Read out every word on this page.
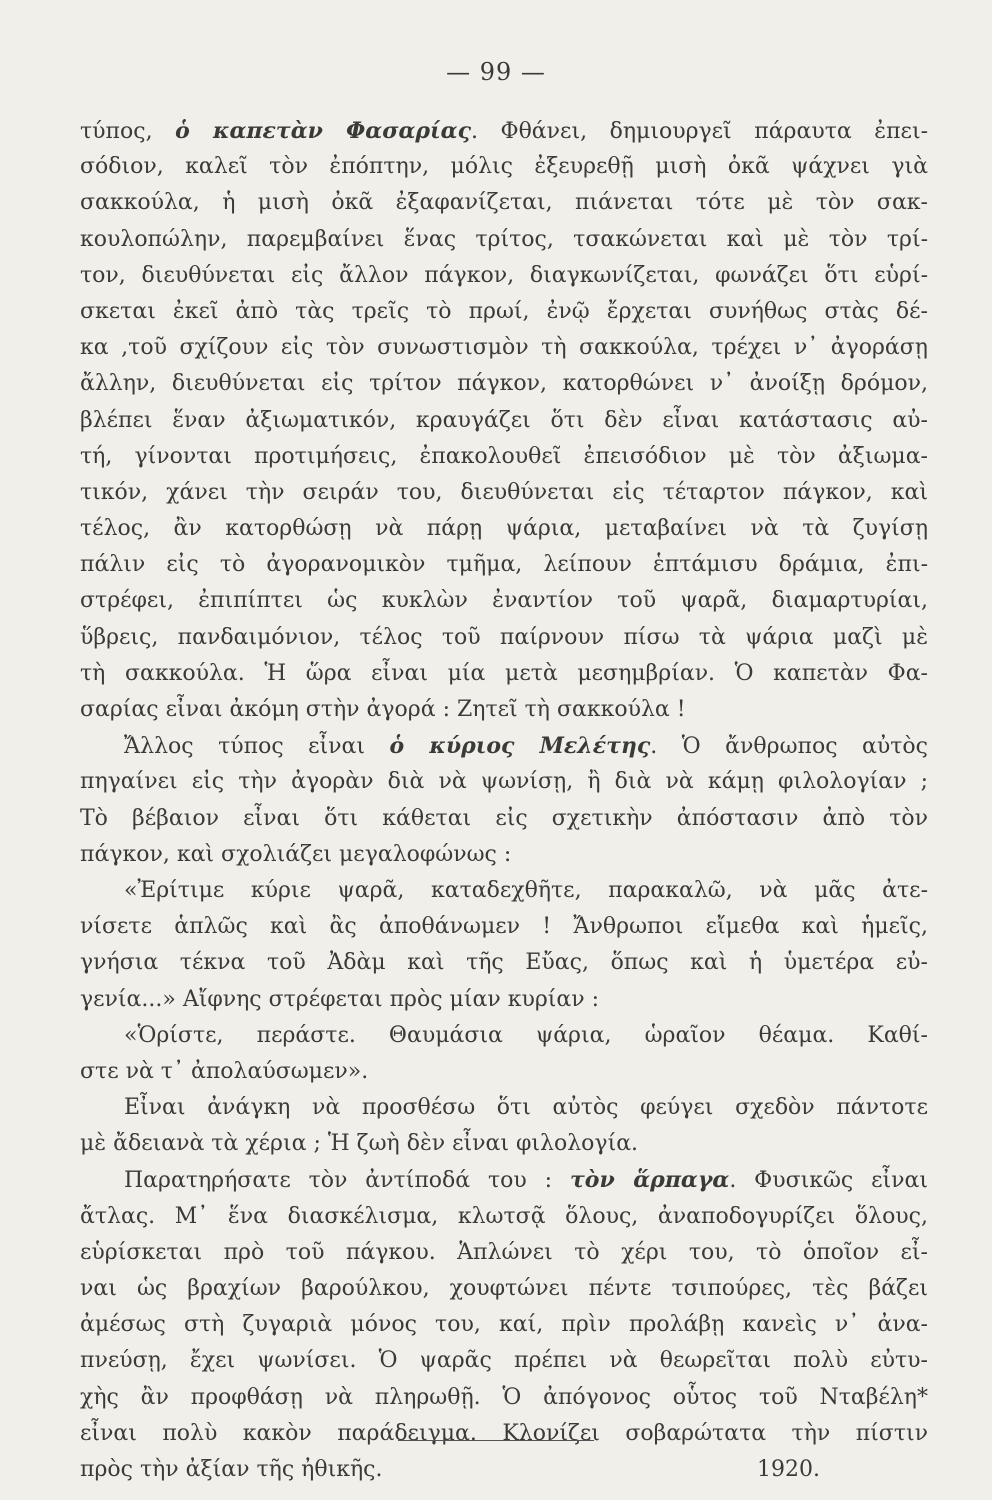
— 99 —
τύπος, ὁ καπετὰν Φασαρίας. Φθάνει, δημιουργεῖ πάραυτα ἐπει-
σόδιον, καλεῖ τὸν ἐπόπτην, μόλις ἐξευρεθῇ μισὴ ὀκᾶ ψάχνει γιὰ
σακκούλα, ἡ μισὴ ὀκᾶ ἐξαφανίζεται, πιάνεται τότε μὲ τὸν σακ-
κουλοπώλην, παρεμβαίνει ἕνας τρίτος, τσακώνεται καὶ μὲ τὸν τρί-
τον, διευθύνεται εἰς ἄλλον πάγκον, διαγκωνίζεται, φωνάζει ὅτι εὑρί-
σκεται ἐκεῖ ἀπὸ τὰς τρεῖς τὸ πρωί, ἐνῷ ἔρχεται συνήθως στὰς δέ-
κα ,τοῦ σχίζουν εἰς τὸν συνωστισμὸν τὴ σακκούλα, τρέχει ν᾽ ἀγοράσῃ
ἄλλην, διευθύνεται εἰς τρίτον πάγκον, κατορθώνει ν᾽ ἀνοίξῃ δρόμον,
βλέπει ἕναν ἀξιωματικόν, κραυγάζει ὅτι δὲν εἶναι κατάστασις αὐ-
τή, γίνονται προτιμήσεις, ἐπακολουθεῖ ἐπεισόδιον μὲ τὸν ἀξιωμα-
τικόν, χάνει τὴν σειράν του, διευθύνεται εἰς τέταρτον πάγκον, καὶ
τέλος, ἂν κατορθώσῃ νὰ πάρῃ ψάρια, μεταβαίνει νὰ τὰ ζυγίσῃ
πάλιν εἰς τὸ ἀγορανομικὸν τμῆμα, λείπουν ἑπτάμισυ δράμια, ἐπι-
στρέφει, ἐπιπίπτει ὡς κυκλὼν ἐναντίον τοῦ ψαρᾶ, διαμαρτυρίαι,
ὕβρεις, πανδαιμόνιον, τέλος τοῦ παίρνουν πίσω τὰ ψάρια μαζὶ μὲ
τὴ σακκούλα. Ἡ ὥρα εἶναι μία μετὰ μεσημβρίαν. Ὁ καπετὰν Φα-
σαρίας εἶναι ἀκόμη στὴν ἀγορά : Ζητεῖ τὴ σακκούλα !
Ἄλλος τύπος εἶναι ὁ κύριος Μελέτης. Ὁ ἄνθρωπος αὐτὸς
πηγαίνει εἰς τὴν ἀγορὰν διὰ νὰ ψωνίσῃ, ἢ διὰ νὰ κάμῃ φιλολογίαν ;
Τὸ βέβαιον εἶναι ὅτι κάθεται εἰς σχετικὴν ἀπόστασιν ἀπὸ τὸν
πάγκον, καὶ σχολιάζει μεγαλοφώνως :
«Ἐρίτιμε κύριε ψαρᾶ, καταδεχθῆτε, παρακαλῶ, νὰ μᾶς ἀτε-
νίσετε ἁπλῶς καὶ ἂς ἀποθάνωμεν ! Ἄνθρωποι εἴμεθα καὶ ἡμεῖς,
γνήσια τέκνα τοῦ Ἀδὰμ καὶ τῆς Εὔας, ὅπως καὶ ἡ ὑμετέρα εὐ-
γενία...» Αἴφνης στρέφεται πρὸς μίαν κυρίαν :
«Ὁρίστε, περάστε. Θαυμάσια ψάρια, ὡραῖον θέαμα. Καθί-
στε νὰ τ᾽ ἀπολαύσωμεν».
Εἶναι ἀνάγκη νὰ προσθέσω ὅτι αὐτὸς φεύγει σχεδὸν πάντοτε
μὲ ἄδειανὰ τὰ χέρια ; Ἡ ζωὴ δὲν εἶναι φιλολογία.
Παρατηρήσατε τὸν ἀντίποδά του : τὸν ἅρπαγα. Φυσικῶς εἶναι
ἄτλας. Μ᾽ ἕνα διασκέλισμα, κλωτσᾷ ὅλους, ἀναποδογυρίζει ὅλους,
εὑρίσκεται πρὸ τοῦ πάγκου. Ἁπλώνει τὸ χέρι του, τὸ ὁποῖον εἶ-
ναι ὡς βραχίων βαρούλκου, χουφτώνει πέντε τσιπούρες, τὲς βάζει
ἀμέσως στὴ ζυγαριὰ μόνος του, καί, πρὶν προλάβῃ κανεὶς ν᾽ ἀνα-
πνεύσῃ, ἔχει ψωνίσει. Ὁ ψαρᾶς πρέπει νὰ θεωρεῖται πολὺ εὐτυ-
χὴς ἂν προφθάσῃ νὰ πληρωθῇ. Ὁ ἀπόγονος οὗτος τοῦ Νταβέλη*
εἶναι πολὺ κακὸν παράδειγμα. Κλονίζει σοβαρώτατα τὴν πίστιν
πρὸς τὴν ἀξίαν τῆς ἠθικῆς.	1920.
